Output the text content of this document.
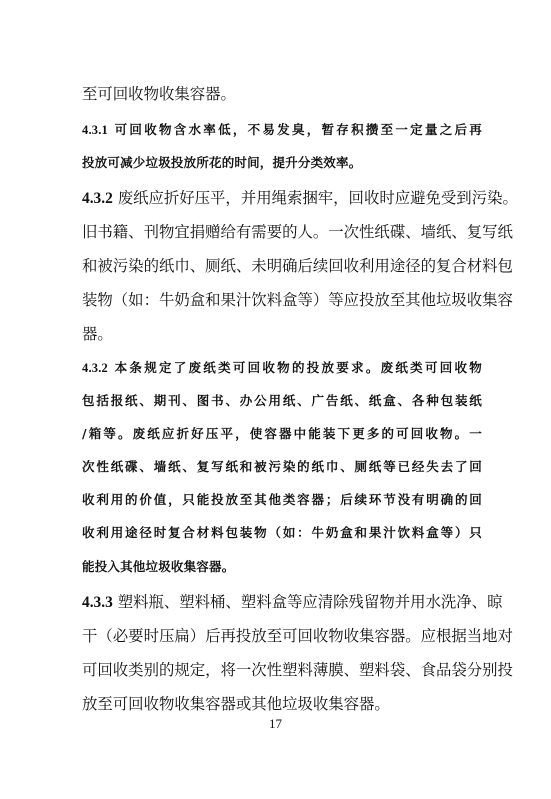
至可回收物收集容器。
4.3.1 可回收物含水率低，不易发臭，暂存积攒至一定量之后再
投放可减少垃圾投放所花的时间，提升分类效率。
4.3.2 废纸应折好压平，并用绳索捆牢，回收时应避免受到污染。
旧书籍、刊物宜捐赠给有需要的人。一次性纸碟、墙纸、复写纸
和被污染的纸巾、厕纸、未明确后续回收利用途径的复合材料包
装物（如：牛奶盒和果汁饮料盒等）等应投放至其他垃圾收集容
器。
4.3.2 本条规定了废纸类可回收物的投放要求。废纸类可回收物
包括报纸、期刊、图书、办公用纸、广告纸、纸盒、各种包装纸
/箱等。废纸应折好压平，使容器中能装下更多的可回收物。一
次性纸碟、墙纸、复写纸和被污染的纸巾、厕纸等已经失去了回
收利用的价值，只能投放至其他类容器；后续环节没有明确的回
收利用途径时复合材料包装物（如：牛奶盒和果汁饮料盒等）只
能投入其他垃圾收集容器。
4.3.3 塑料瓶、塑料桶、塑料盒等应清除残留物并用水洗净、晾
干（必要时压扁）后再投放至可回收物收集容器。应根据当地对
可回收类别的规定，将一次性塑料薄膜、塑料袋、食品袋分别投
放至可回收物收集容器或其他垃圾收集容器。
17
